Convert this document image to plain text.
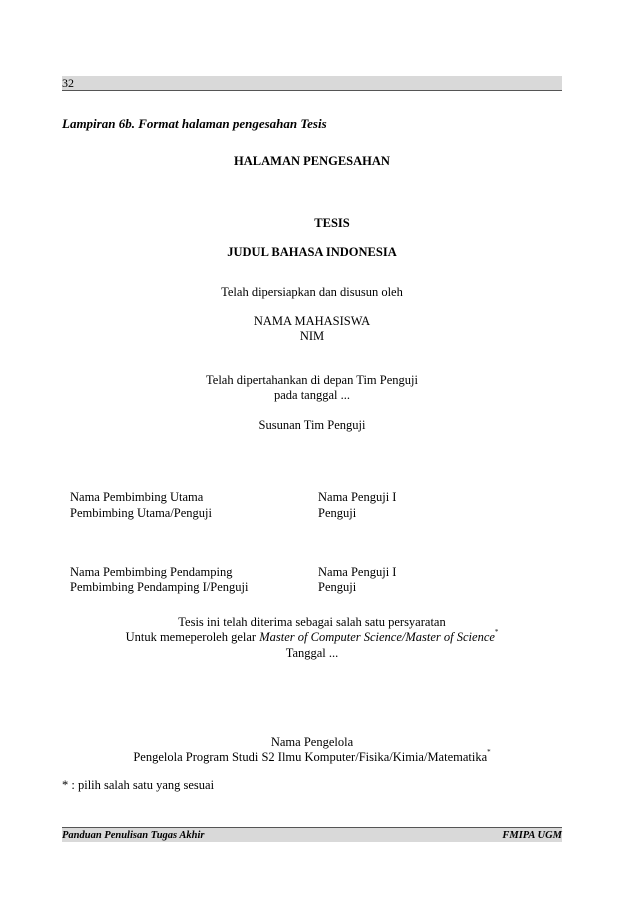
32
Lampiran 6b. Format halaman pengesahan Tesis
HALAMAN PENGESAHAN
TESIS
JUDUL BAHASA INDONESIA
Telah dipersiapkan dan disusun oleh
NAMA MAHASISWA
NIM
Telah dipertahankan di depan Tim Penguji
pada tanggal ...
Susunan Tim Penguji
Nama Pembimbing Utama
Pembimbing Utama/Penguji
Nama Penguji I
Penguji
Nama Pembimbing Pendamping
Pembimbing Pendamping I/Penguji
Nama Penguji I
Penguji
Tesis ini telah diterima sebagai salah satu persyaratan
Untuk memeperoleh gelar Master of Computer Science/Master of Science*
Tanggal ...
Nama Pengelola
Pengelola Program Studi S2 Ilmu Komputer/Fisika/Kimia/Matematika*
* : pilih salah satu yang sesuai
Panduan Penulisan Tugas Akhir	FMIPA UGM
